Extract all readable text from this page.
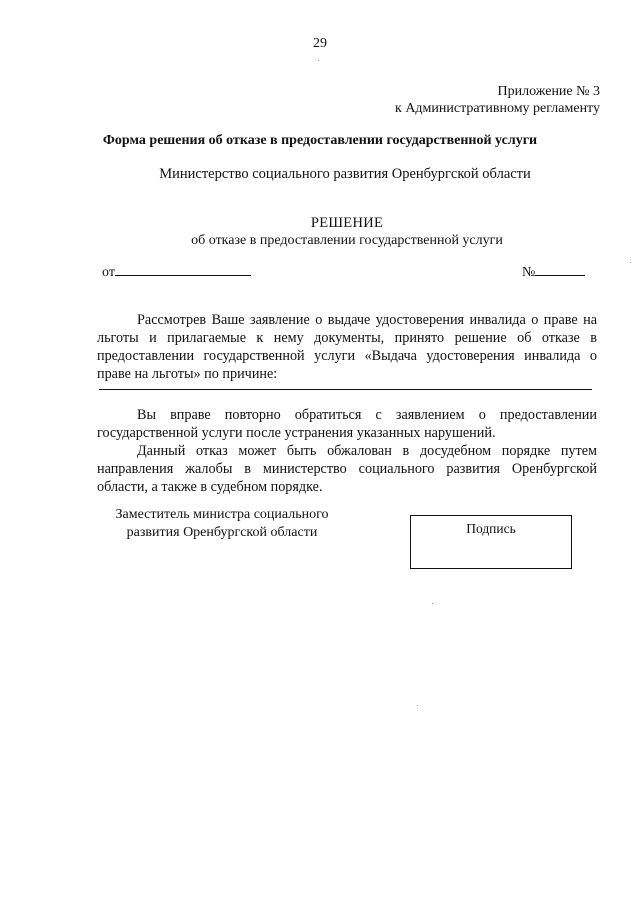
29
Приложение № 3
к Административному регламенту
Форма решения об отказе в предоставлении государственной услуги
Министерство социального развития Оренбургской области
РЕШЕНИЕ
об отказе в предоставлении государственной услуги
от	№

Рассмотрев Ваше заявление о выдаче удостоверения инвалида о праве на льготы и прилагаемые к нему документы, принято решение об отказе в предоставлении государственной услуги «Выдача удостоверения инвалида о праве на льготы» по причине:

Вы вправе повторно обратиться с заявлением о предоставлении государственной услуги после устранения указанных нарушений.

Данный отказ может быть обжалован в досудебном порядке путем направления жалобы в министерство социального развития Оренбургской области, а также в судебном порядке.

Заместитель министра социального
развития Оренбургской области	Подпись
